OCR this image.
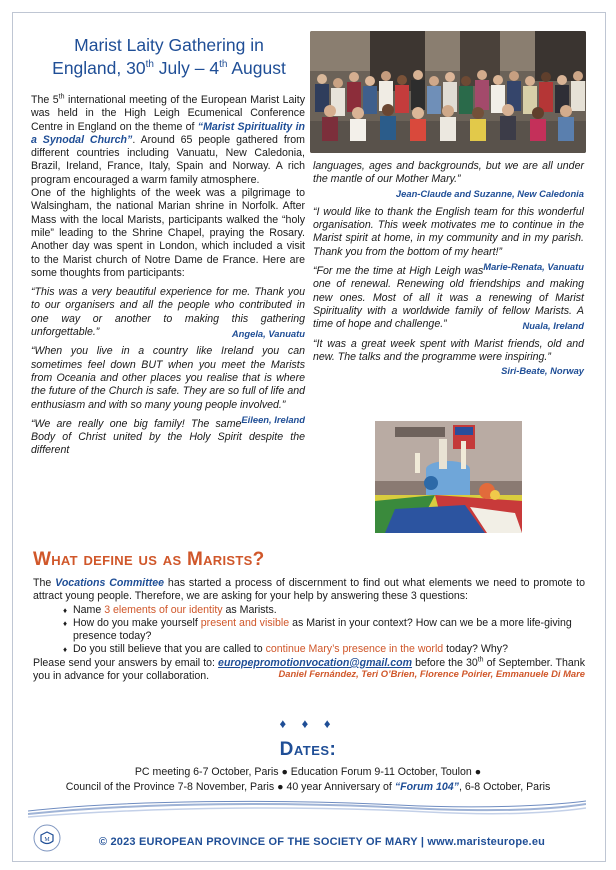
Marist Laity Gathering in
England, 30th July – 4th August

The 5th international meeting of the European Marist Laity was held in the High Leigh Ecumenical Conference Centre in England on the theme of “Marist Spirituality in a Synodal Church”. Around 65 people gathered from different countries including Vanuatu, New Caledonia, Brazil, Ireland, France, Italy, Spain and Norway. A rich program encouraged a warm family atmosphere.

One of the highlights of the week was a pilgrimage to Walsingham, the national Marian shrine in Norfolk. After Mass with the local Marists, participants walked the “holy mile” leading to the Shrine Chapel, praying the Rosary. Another day was spent in London, which included a visit to the Marist church of Notre Dame de France. Here are some thoughts from participants:

“This was a very beautiful experience for me. Thank you to our organisers and all the people who contributed in one way or another to making this gathering unforgettable.”	Angela, Vanuatu

“When you live in a country like Ireland you can sometimes feel down BUT when you meet the Marists from Oceania and other places you realise that is where the future of the Church is safe. They are so full of life and enthusiasm and with so many young people involved.”
Eileen, Ireland

“We are really one big family! The same Body of Christ united by the Holy Spirit despite the different

languages, ages and backgrounds, but we are all under the mantle of our Mother Mary.”

Jean-Claude and Suzanne, New Caledonia

“I would like to thank the English team for this wonderful organisation. This week motivates me to continue in the Marist spirit at home, in my community and in my parish. Thank you from the bottom of my heart!”
Marie-Renata, Vanuatu

“For me the time at High Leigh was one of renewal. Renewing old friendships and making new ones. Most of all it was a renewing of Marist Spirituality with a worldwide family of fellow Marists. A time of hope and challenge.”	Nuala, Ireland

“It was a great week spent with Marist friends, old and new. The talks and the programme were inspiring.”

Siri-Beate, Norway
What define us as Marists?

The Vocations Committee has started a process of discernment to find out what elements we need to promote to attract young people. Therefore, we are asking for your help by answering these 3 questions:

♦ Name 3 elements of our identity as Marists.
♦ How do you make yourself present and visible as Marist in your context? How can we be a more life-giving presence today?
♦ Do you still believe that you are called to continue Mary’s presence in the world today? Why?

Please send your answers by email to: europepromotionvocation@gmail.com before the 30th of September. Thank you in advance for your collaboration.	Daniel Fernández, Teri O’Brien, Florence Poirier, Emmanuele Di Mare
♦ ♦ ♦
Dates:
PC meeting 6-7 October, Paris ● Education Forum 9-11 October, Toulon ●
Council of the Province 7-8 November, Paris ● 40 year Anniversary of “Forum 104”, 6-8 October, Paris
M	© 2023 EUROPEAN PROVINCE OF THE SOCIETY OF MARY | www.maristeurope.eu
